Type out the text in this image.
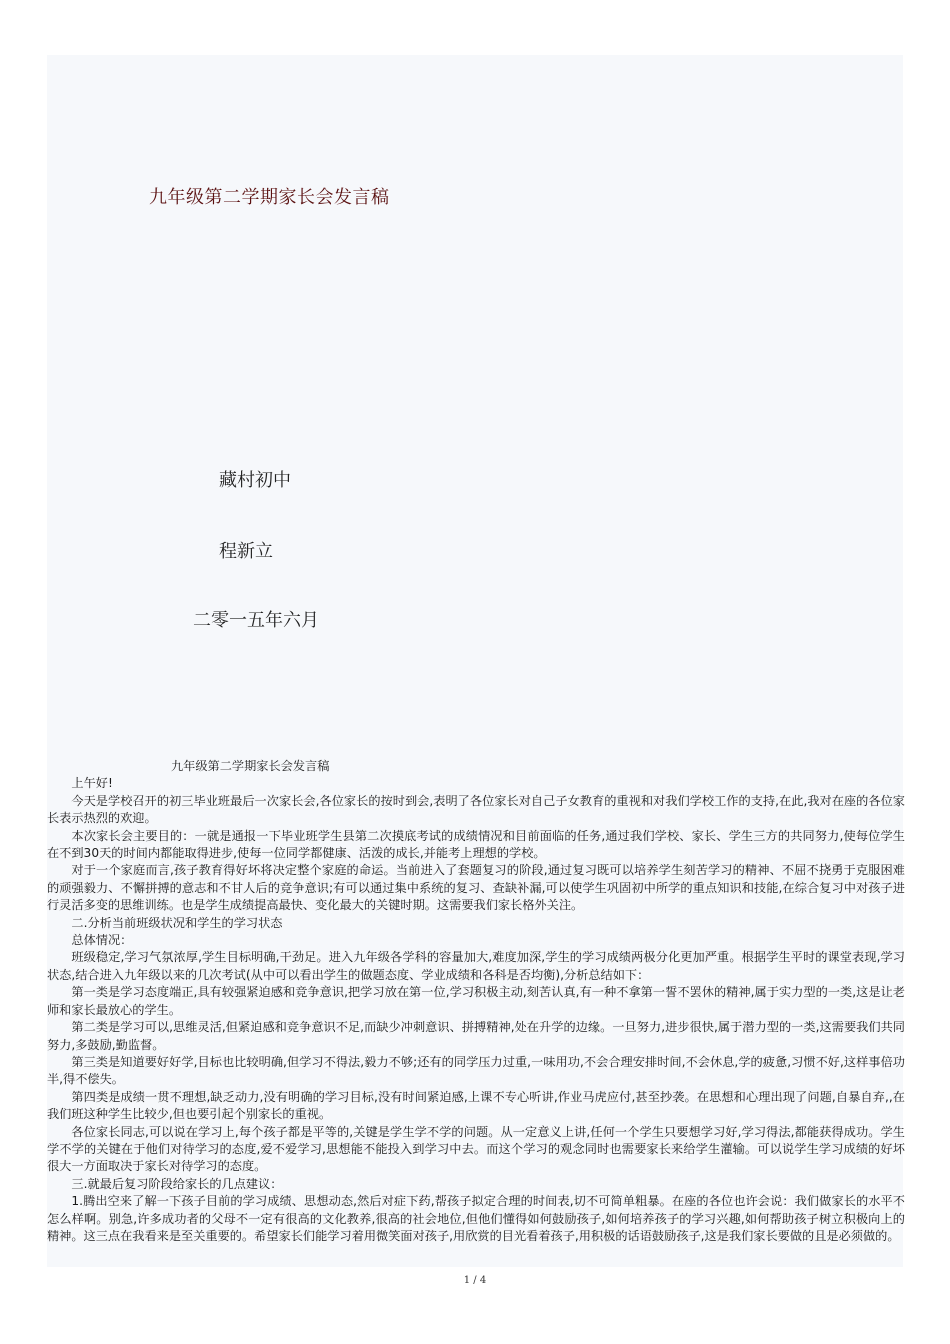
九年级第二学期家长会发言稿
藏村初中
程新立
二零一五年六月
九年级第二学期家长会发言稿

上午好!

今天是学校召开的初三毕业班最后一次家长会,各位家长的按时到会,表明了各位家长对自己子女教育的重视和对我们学校工作的支持,在此,我对在座的各位家长表示热烈的欢迎。

本次家长会主要目的：一就是通报一下毕业班学生县第二次摸底考试的成绩情况和目前面临的任务,通过我们学校、家长、学生三方的共同努力,使每位学生在不到30天的时间内都能取得进步,使每一位同学都健康、活泼的成长,并能考上理想的学校。

对于一个家庭而言,孩子教育得好坏将决定整个家庭的命运。当前进入了套题复习的阶段,通过复习既可以培养学生刻苦学习的精神、不屈不挠勇于克服困难的顽强毅力、不懈拼搏的意志和不甘人后的竞争意识;有可以通过集中系统的复习、查缺补漏,可以使学生巩固初中所学的重点知识和技能,在综合复习中对孩子进行灵活多变的思维训练。也是学生成绩提高最快、变化最大的关键时期。这需要我们家长格外关注。

二.分析当前班级状况和学生的学习状态

总体情况：

班级稳定,学习气氛浓厚,学生目标明确,干劲足。进入九年级各学科的容量加大,难度加深,学生的学习成绩两极分化更加严重。根据学生平时的课堂表现,学习状态,结合进入九年级以来的几次考试(从中可以看出学生的做题态度、学业成绩和各科是否均衡),分析总结如下：

第一类是学习态度端正,具有较强紧迫感和竞争意识,把学习放在第一位,学习积极主动,刻苦认真,有一种不拿第一誓不罢休的精神,属于实力型的一类,这是让老师和家长最放心的学生。

第二类是学习可以,思维灵活,但紧迫感和竞争意识不足,而缺少冲刺意识、拼搏精神,处在升学的边缘。一旦努力,进步很快,属于潜力型的一类,这需要我们共同努力,多鼓励,勤监督。

第三类是知道要好好学,目标也比较明确,但学习不得法,毅力不够;还有的同学压力过重,一味用功,不会合理安排时间,不会休息,学的疲惫,习惯不好,这样事倍功半,得不偿失。

第四类是成绩一贯不理想,缺乏动力,没有明确的学习目标,没有时间紧迫感,上课不专心听讲,作业马虎应付,甚至抄袭。在思想和心理出现了问题,自暴自弃,,在我们班这种学生比较少,但也要引起个别家长的重视。

各位家长同志,可以说在学习上,每个孩子都是平等的,关键是学生学不学的问题。从一定意义上讲,任何一个学生只要想学习好,学习得法,都能获得成功。学生学不学的关键在于他们对待学习的态度,爱不爱学习,思想能不能投入到学习中去。而这个学习的观念同时也需要家长来给学生灌输。可以说学生学习成绩的好坏很大一方面取决于家长对待学习的态度。

三.就最后复习阶段给家长的几点建议：

1.腾出空来了解一下孩子目前的学习成绩、思想动态,然后对症下药,帮孩子拟定合理的时间表,切不可简单粗暴。在座的各位也许会说：我们做家长的水平不怎么样啊。别急,许多成功者的父母不一定有很高的文化教养,很高的社会地位,但他们懂得如何鼓励孩子,如何培养孩子的学习兴趣,如何帮助孩子树立积极向上的精神。这三点在我看来是至关重要的。希望家长们能学习着用微笑面对孩子,用欣赏的目光看着孩子,用积极的话语鼓励孩子,这是我们家长要做的且是必须做的。

1 / 4
